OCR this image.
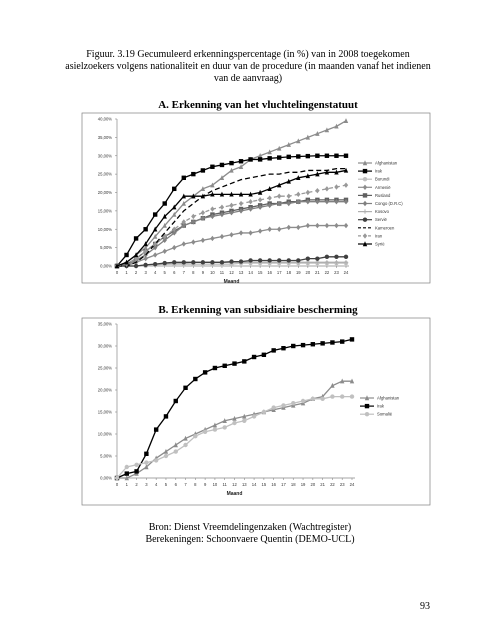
Figuur. 3.19 Gecumuleerd erkenningspercentage (in %) van in 2008 toegekomen asielzoekers volgens nationaliteit en duur van de procedure (in maanden vanaf het indienen van de aanvraag)
A. Erkenning van het vluchtelingenstatuut
B. Erkenning van subsidiaire bescherming
0,00%
5,00%
10,00%
15,00%
20,00%
25,00%
30,00%
35,00%
40,00%
0 1 2 3 4 5 6 7 8 9 10 11 12 13 14 15 16 17 18 19 20 21 22 23 24
Maand
Afghanistan
Irak
Burundi
Armenië
Rusland
Congo (D.R.C)
Kosovo
Servië
Kameroen
Iran
Syrië
0,00%
5,00%
10,00%
15,00%
20,00%
25,00%
30,00%
35,00%
0 1 2 3 4 5 6 7 8 9 10 11 12 13 14 15 16 17 18 19 20 21 22 23 24
Maand
Afghanistan
Irak
Somalië
Bron: Dienst Vreemdelingenzaken (Wachtregister)
Berekeningen: Schoonvaere Quentin (DEMO-UCL)
93
